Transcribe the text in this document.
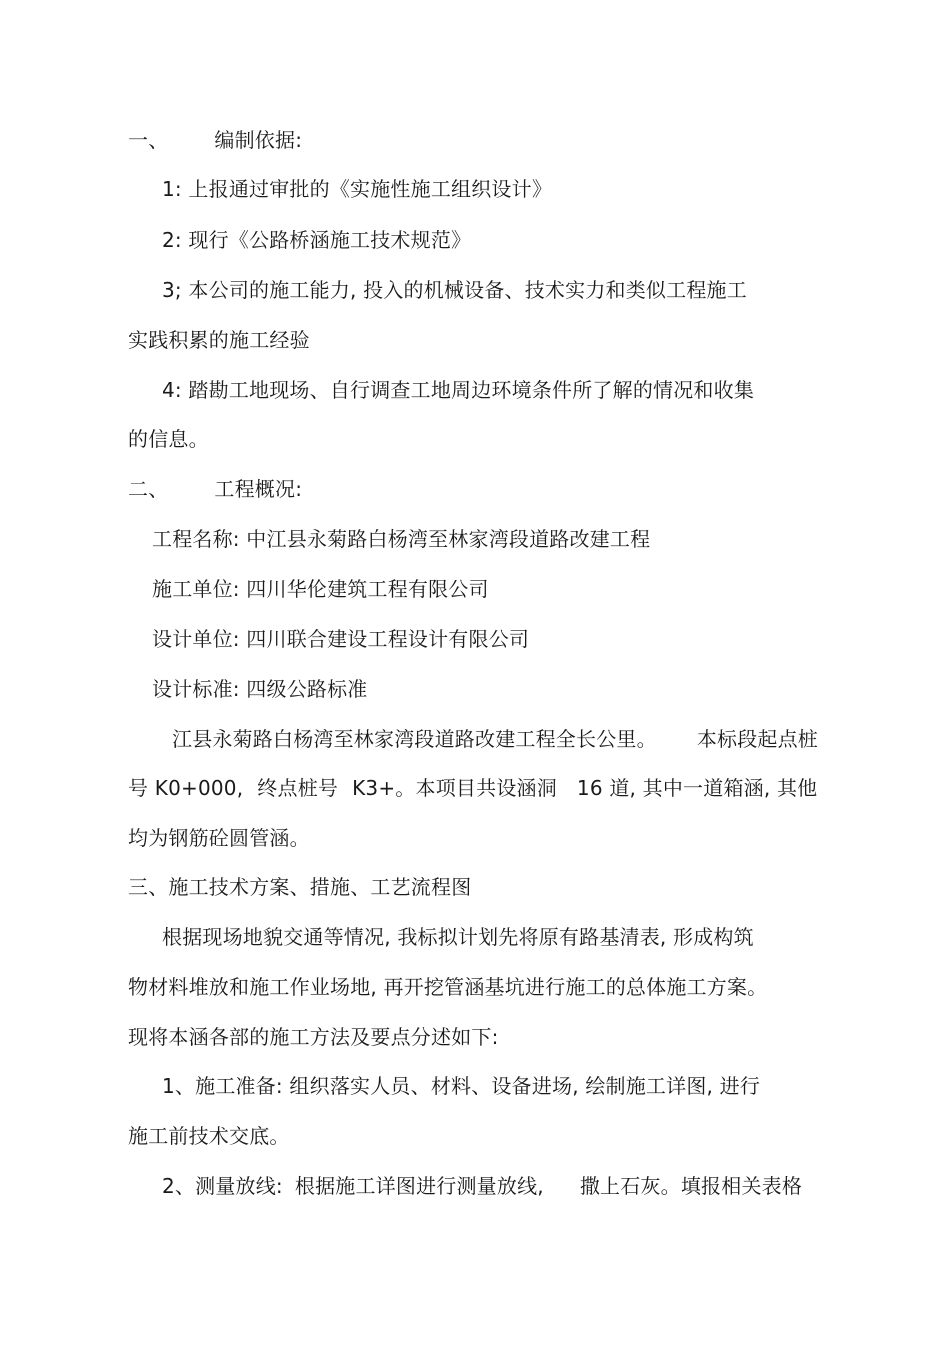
一、 编制依据:
1: 上报通过审批的《实施性施工组织设计》
2: 现行《公路桥涵施工技术规范》
3; 本公司的施工能力, 投入的机械设备、技术实力和类似工程施工
实践积累的施工经验
4: 踏勘工地现场、自行调查工地周边环境条件所了解的情况和收集
的信息。
二、 工程概况:
工程名称: 中江县永菊路白杨湾至林家湾段道路改建工程
施工单位: 四川华伦建筑工程有限公司
设计单位: 四川联合建设工程设计有限公司
设计标准: 四级公路标准
江县永菊路白杨湾至林家湾段道路改建工程全长公里。 本标段起点桩
号 K0+000, 终点桩号 K3+。本项目共设涵洞 16 道, 其中一道箱涵, 其他
均为钢筋砼圆管涵。
三、施工技术方案、措施、工艺流程图
根据现场地貌交通等情况, 我标拟计划先将原有路基清表, 形成构筑
物材料堆放和施工作业场地, 再开挖管涵基坑进行施工的总体施工方案。
现将本涵各部的施工方法及要点分述如下:
1、施工准备: 组织落实人员、材料、设备进场, 绘制施工详图, 进行
施工前技术交底。
2、测量放线: 根据施工详图进行测量放线, 撒上石灰。填报相关表格
